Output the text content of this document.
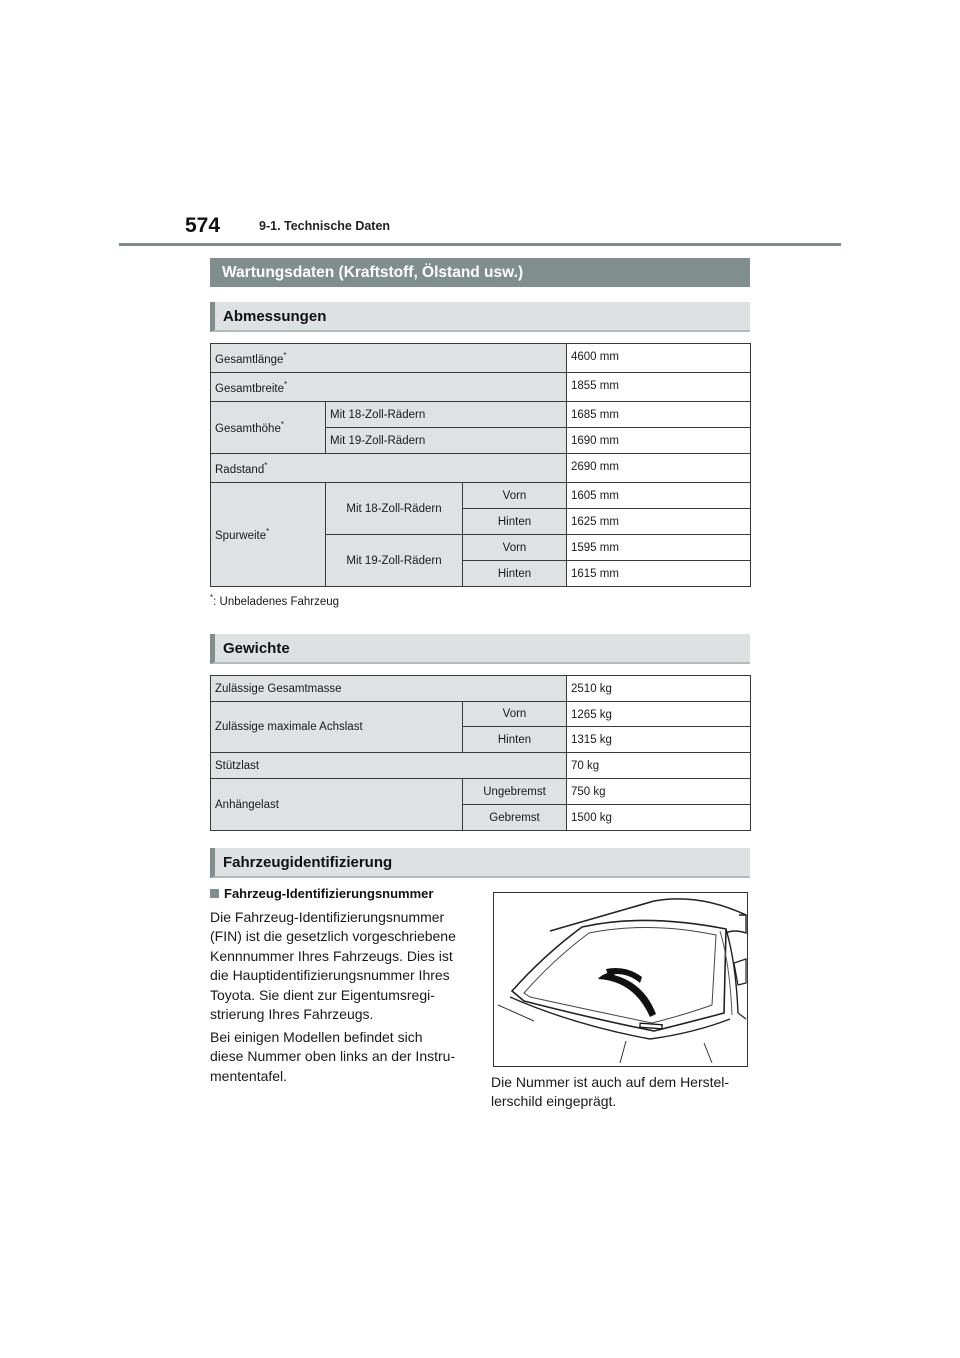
574	9-1. Technische Daten
Wartungsdaten (Kraftstoff, Ölstand usw.)
Abmessungen
Gesamtlänge*			4600 mm
Gesamtbreite*			1855 mm
Gesamthöhe*	Mit 18-Zoll-Rädern		1685 mm
	Mit 19-Zoll-Rädern		1690 mm
Radstand*			2690 mm
Spurweite*	Mit 18-Zoll-Rädern	Vorn	1605 mm
		Hinten	1625 mm
	Mit 19-Zoll-Rädern	Vorn	1595 mm
		Hinten	1615 mm
*: Unbeladenes Fahrzeug
Gewichte
Zulässige Gesamtmasse		2510 kg
Zulässige maximale Achslast	Vorn	1265 kg
	Hinten	1315 kg
Stützlast		70 kg
Anhängelast	Ungebremst	750 kg
	Gebremst	1500 kg
Fahrzeugidentifizierung
Fahrzeug-Identifizierungsnummer
Die Fahrzeug-Identifizierungsnummer
(FIN) ist die gesetzlich vorgeschriebene
Kennnummer Ihres Fahrzeugs. Dies ist
die Hauptidentifizierungsnummer Ihres
Toyota. Sie dient zur Eigentumsregi-
strierung Ihres Fahrzeugs.
Bei einigen Modellen befindet sich
diese Nummer oben links an der Instru-
mententafel.	Die Nummer ist auch auf dem Herstel-
lerschild eingeprägt.
